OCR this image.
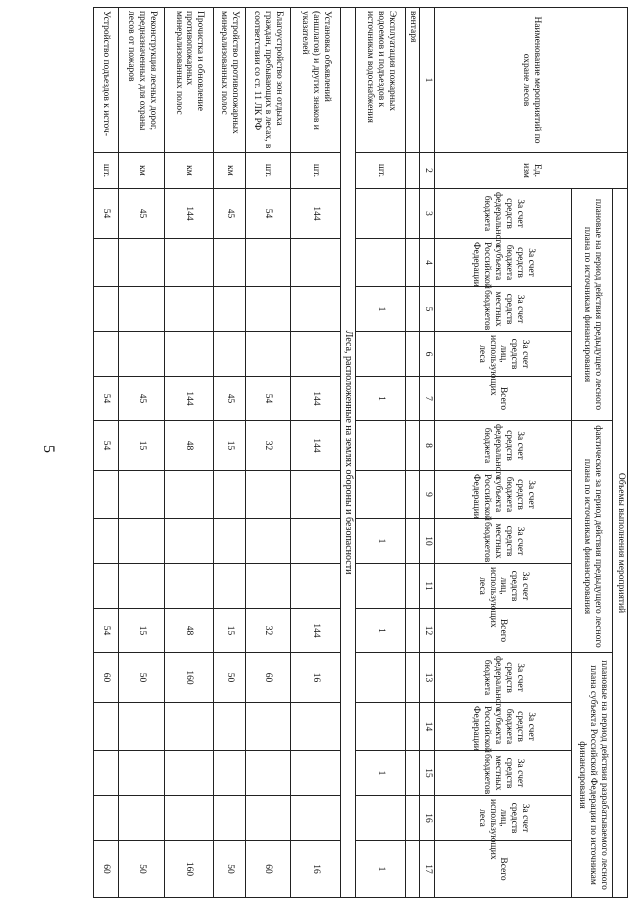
5
Наименование мероприятий по охране лесов	Ед. изм	Объемы выполнения мероприятий														
		плановые на период действия предыдущего лесного плана по источникам финансирования					фактические за период действия предыдущего лесного плана по источникам финансирования					плановые на период действия разрабатываемого лесного плана субъекта Российской Федерации по источникам финансирования				
		За счет средств федерального бюджета	За счет средств бюджета субъекта Российской Федерации	За счет средств местных бюджетов	За счет средств лиц, использующих леса	Всего	За счет средств федерального бюджета	За счет средств бюджета субъекта Российской Федерации	За счет средств местных бюджетов	За счет средств лиц, использующих леса	Всего	За счет средств федерального бюджета	За счет средств бюджета субъекта Российской Федерации	За счет средств местных бюджетов	За счет средств лиц, использующих леса	Всего
1	2	3	4	5	6	7	8	9	10	11	12	13	14	15	16	17
вентаря																
Эксплуатация пожарных водоемов и подъездов к источникам водоснабжения	шт.			1		1			1		1			1		1
Леса, расположенные на землях обороны и безопасности																
Установка объявлений (аншлагов) и других знаков и указателей	шт.	144				144	144				144	16				16
Благоустройство зон отдыха граждан, пребывающих в лесах, в соответствии со ст. 11 ЛК РФ	шт.	54				54	32				32	60				60
Устройство противопожарных минерализованных полос	км	45				45	15				15	50				50
Прочистка и обновление противопожарных минерализованных полос	км	144				144	48				48	160				160
Реконструкция лесных дорог, предназначенных для охраны лесов от пожаров	км	45				45	15				15	50				50
Устройство подъездов к источ-	шт.	54				54	54				54	60				60
